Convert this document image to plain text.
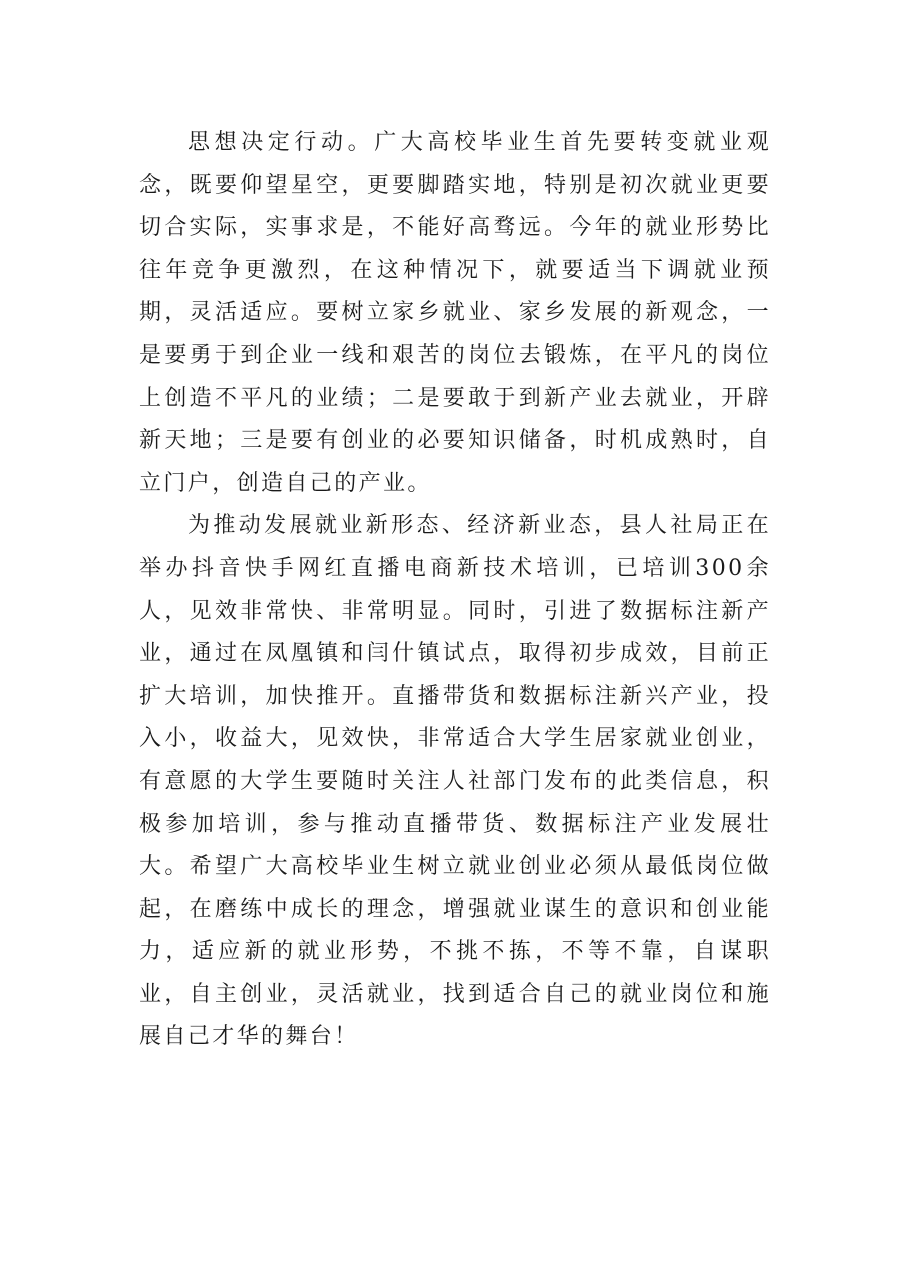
思想决定行动。广大高校毕业生首先要转变就业观念，既要仰望星空，更要脚踏实地，特别是初次就业更要切合实际，实事求是，不能好高骛远。今年的就业形势比往年竞争更激烈，在这种情况下，就要适当下调就业预期，灵活适应。要树立家乡就业、家乡发展的新观念，一是要勇于到企业一线和艰苦的岗位去锻炼，在平凡的岗位上创造不平凡的业绩；二是要敢于到新产业去就业，开辟新天地；三是要有创业的必要知识储备，时机成熟时，自立门户，创造自己的产业。

为推动发展就业新形态、经济新业态，县人社局正在举办抖音快手网红直播电商新技术培训，已培训300余人，见效非常快、非常明显。同时，引进了数据标注新产业，通过在凤凰镇和闫什镇试点，取得初步成效，目前正扩大培训，加快推开。直播带货和数据标注新兴产业，投入小，收益大，见效快，非常适合大学生居家就业创业，有意愿的大学生要随时关注人社部门发布的此类信息，积极参加培训，参与推动直播带货、数据标注产业发展壮大。希望广大高校毕业生树立就业创业必须从最低岗位做起，在磨练中成长的理念，增强就业谋生的意识和创业能力，适应新的就业形势，不挑不拣，不等不靠，自谋职业，自主创业，灵活就业，找到适合自己的就业岗位和施展自己才华的舞台！
